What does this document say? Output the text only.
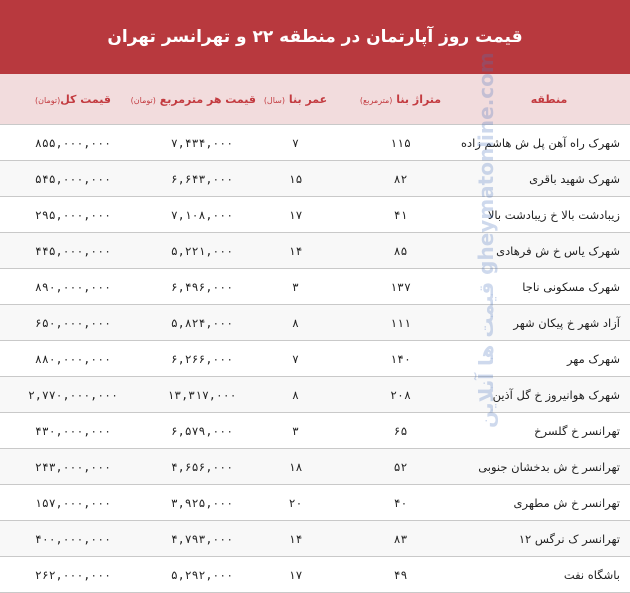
قیمت روز آپارتمان در منطقه ۲۲ و تهرانسر تهران
منطقه	متراژ بنا (مترمربع)	عمر بنا (سال)	قیمت هر مترمربع (تومان)	قیمت کل(تومان)
شهرک راه آهن پل ش هاشم زاده	۱۱۵	۷	۷,۴۳۴,۰۰۰	۸۵۵,۰۰۰,۰۰۰
شهرک شهید باقری	۸۲	۱۵	۶,۶۴۳,۰۰۰	۵۴۵,۰۰۰,۰۰۰
زیبادشت بالا خ زیبادشت بالا	۴۱	۱۷	۷,۱۰۸,۰۰۰	۲۹۵,۰۰۰,۰۰۰
شهرک یاس خ ش فرهادی	۸۵	۱۴	۵,۲۲۱,۰۰۰	۴۴۵,۰۰۰,۰۰۰
شهرک مسکونی ناجا	۱۳۷	۳	۶,۴۹۶,۰۰۰	۸۹۰,۰۰۰,۰۰۰
آزاد شهر خ پیکان شهر	۱۱۱	۸	۵,۸۲۴,۰۰۰	۶۵۰,۰۰۰,۰۰۰
شهرک مهر	۱۴۰	۷	۶,۲۶۶,۰۰۰	۸۸۰,۰۰۰,۰۰۰
شهرک هوانیروز خ گل آذین	۲۰۸	۸	۱۳,۳۱۷,۰۰۰	۲,۷۷۰,۰۰۰,۰۰۰
تهرانسر خ گلسرخ	۶۵	۳	۶,۵۷۹,۰۰۰	۴۳۰,۰۰۰,۰۰۰
تهرانسر خ ش بدخشان جنوبی	۵۲	۱۸	۴,۶۵۶,۰۰۰	۲۴۳,۰۰۰,۰۰۰
تهرانسر خ ش مطهری	۴۰	۲۰	۳,۹۲۵,۰۰۰	۱۵۷,۰۰۰,۰۰۰
تهرانسر ک نرگس ۱۲	۸۳	۱۴	۴,۷۹۳,۰۰۰	۴۰۰,۰۰۰,۰۰۰
باشگاه نفت	۴۹	۱۷	۵,۲۹۲,۰۰۰	۲۶۲,۰۰۰,۰۰۰
قیمت ها آنلاین
